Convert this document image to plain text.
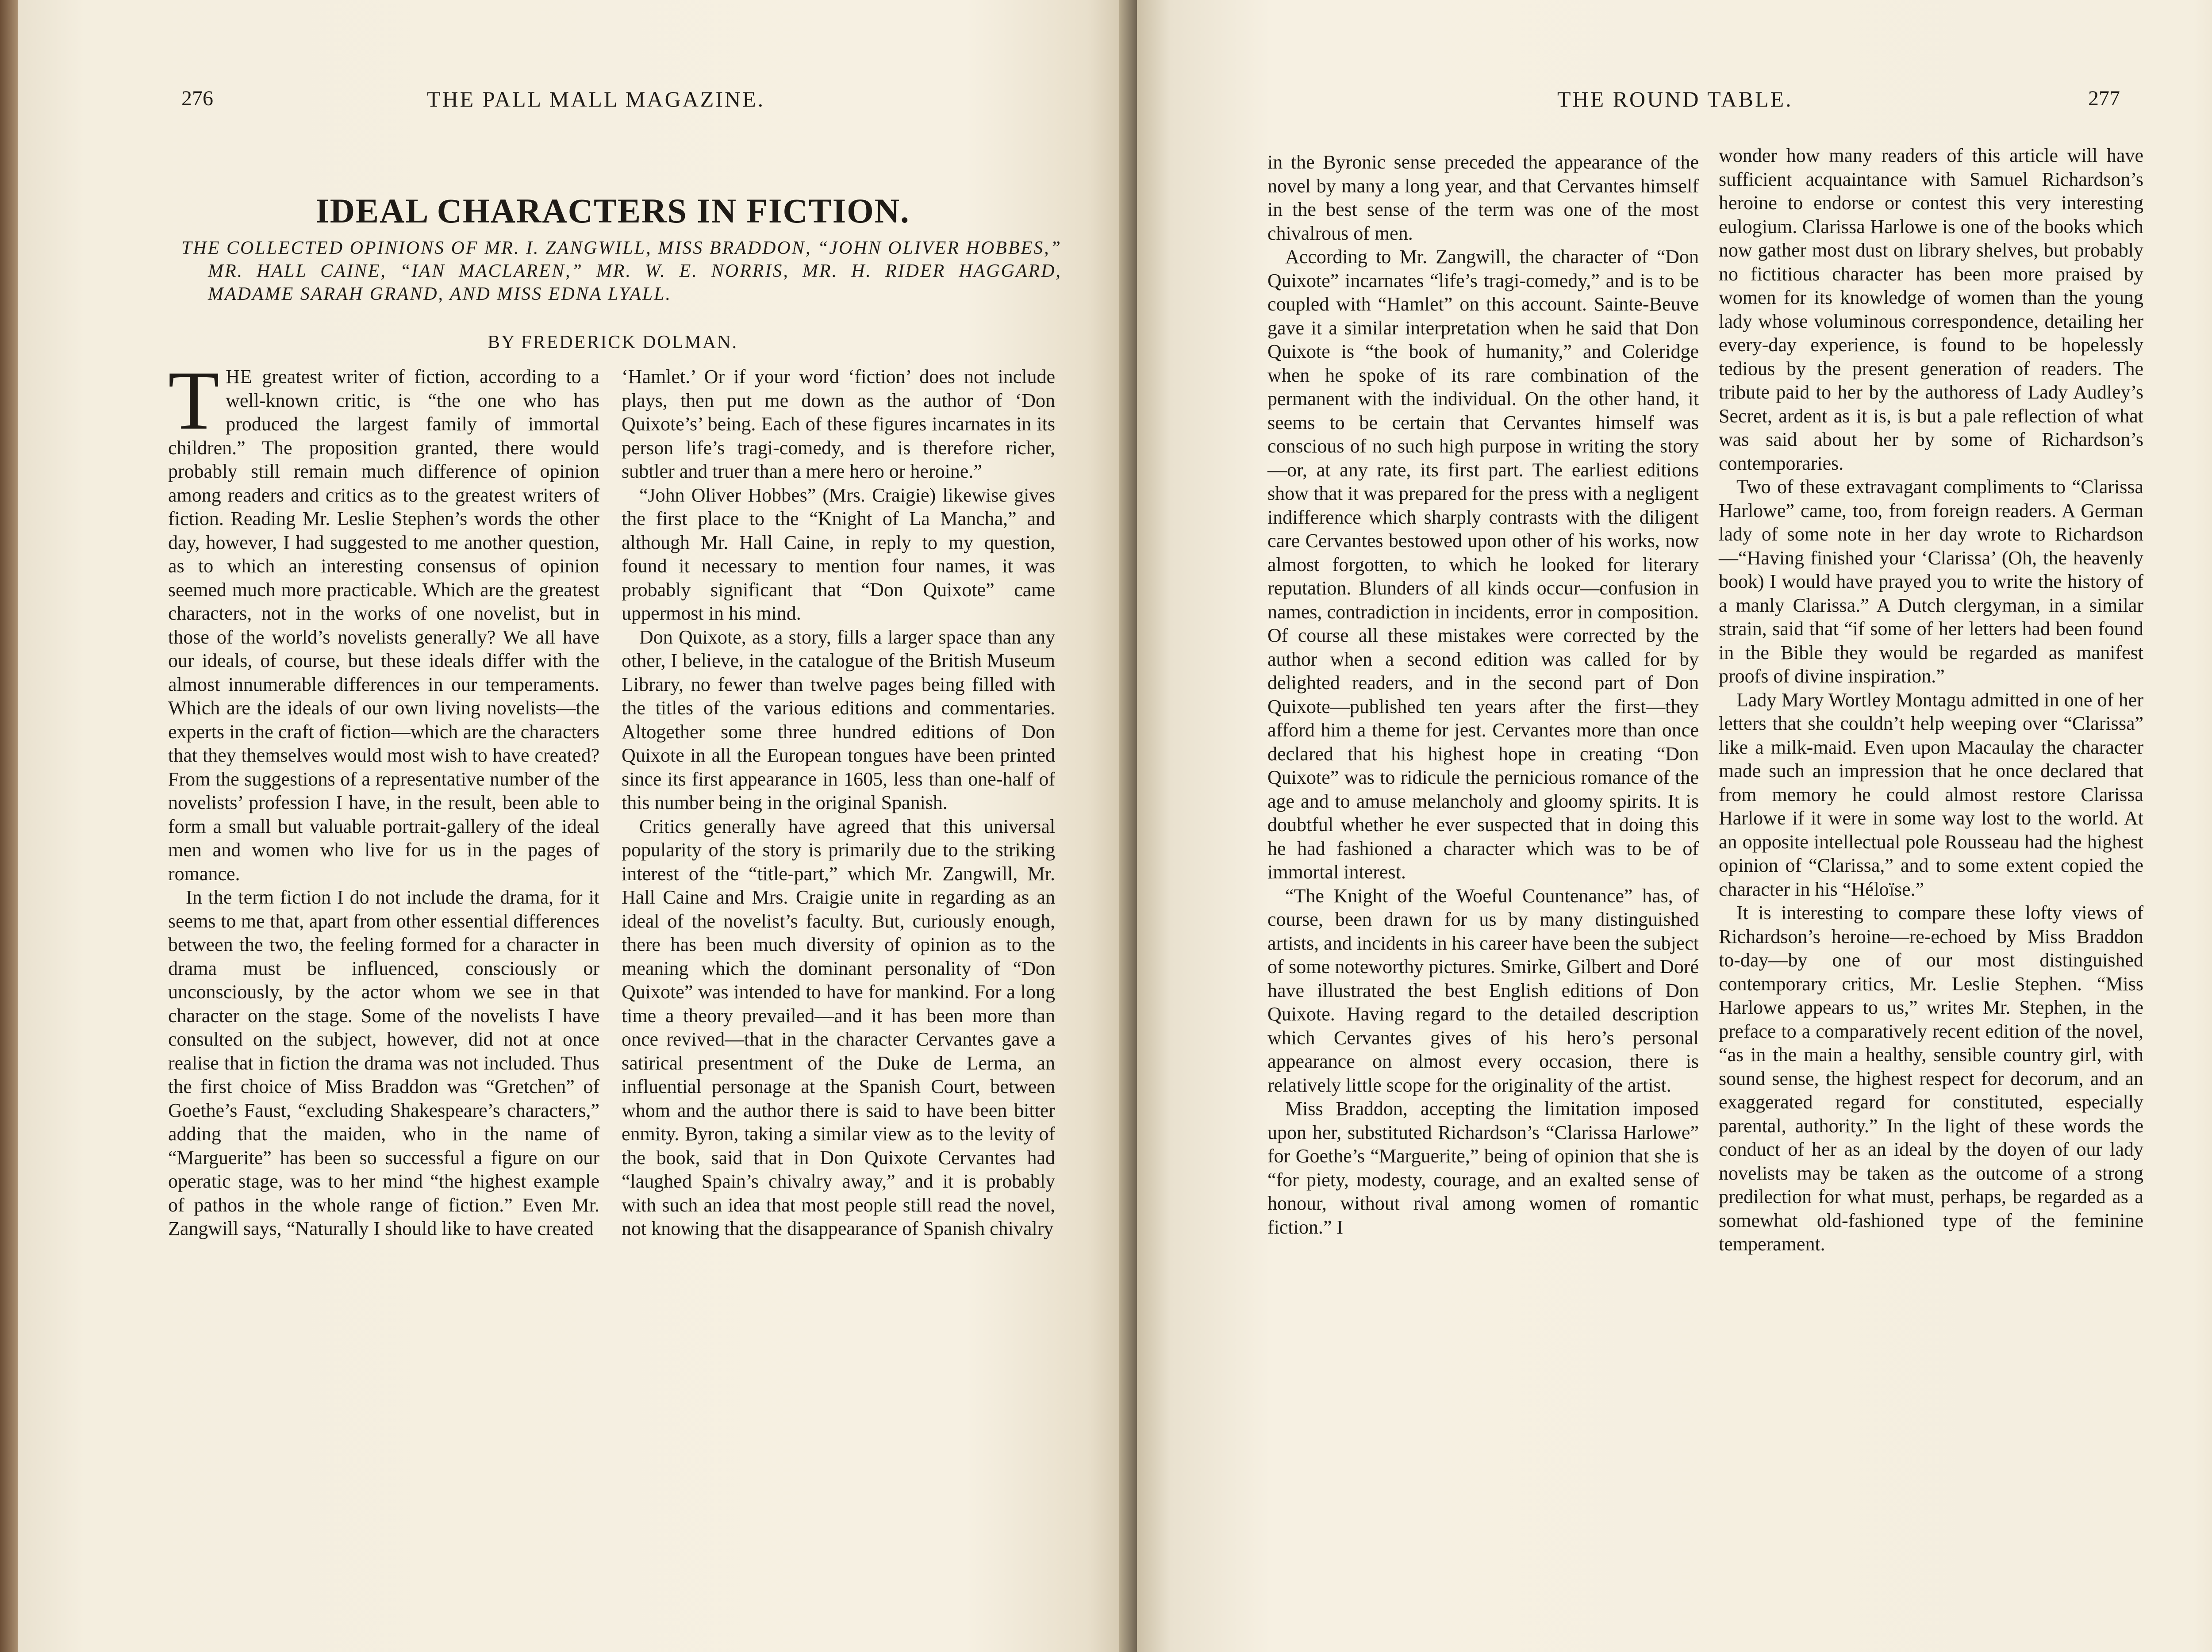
276	THE PALL MALL MAGAZINE.
IDEAL CHARACTERS IN FICTION.
THE COLLECTED OPINIONS OF MR. I. ZANGWILL, MISS BRADDON, “JOHN OLIVER HOBBES,” MR. HALL CAINE, “IAN MACLAREN,” MR. W. E. NORRIS, MR. H. RIDER HAGGARD, MADAME SARAH GRAND, AND MISS EDNA LYALL.
BY FREDERICK DOLMAN.

THE greatest writer of fiction, according to a well-known critic, is “the one who has produced the largest family of immortal children.” The proposition granted, there would probably still remain much difference of opinion among readers and critics as to the greatest writers of fiction. Reading Mr. Leslie Stephen’s words the other day, however, I had suggested to me another question, as to which an interesting consensus of opinion seemed much more practicable. Which are the greatest characters, not in the works of one novelist, but in those of the world’s novelists generally? We all have our ideals, of course, but these ideals differ with the almost innumerable differences in our temperaments. Which are the ideals of our own living novelists—the experts in the craft of fiction—which are the characters that they themselves would most wish to have created? From the suggestions of a representative number of the novelists’ profession I have, in the result, been able to form a small but valuable portrait-gallery of the ideal men and women who live for us in the pages of romance.

In the term fiction I do not include the drama, for it seems to me that, apart from other essential differences between the two, the feeling formed for a character in drama must be influenced, consciously or unconsciously, by the actor whom we see in that character on the stage. Some of the novelists I have consulted on the subject, however, did not at once realise that in fiction the drama was not included. Thus the first choice of Miss Braddon was “Gretchen” of Goethe’s Faust, “excluding Shakespeare’s characters,” adding that the maiden, who in the name of “Marguerite” has been so successful a figure on our operatic stage, was to her mind “the highest example of pathos in the whole range of fiction.” Even Mr. Zangwill says, “Naturally I should like to have created

‘Hamlet.’ Or if your word ‘fiction’ does not include plays, then put me down as the author of ‘Don Quixote’s’ being. Each of these figures incarnates in its person life’s tragi-comedy, and is therefore richer, subtler and truer than a mere hero or heroine.”

“John Oliver Hobbes” (Mrs. Craigie) likewise gives the first place to the “Knight of La Mancha,” and although Mr. Hall Caine, in reply to my question, found it necessary to mention four names, it was probably significant that “Don Quixote” came uppermost in his mind.

Don Quixote, as a story, fills a larger space than any other, I believe, in the catalogue of the British Museum Library, no fewer than twelve pages being filled with the titles of the various editions and commentaries. Altogether some three hundred editions of Don Quixote in all the European tongues have been printed since its first appearance in 1605, less than one-half of this number being in the original Spanish.

Critics generally have agreed that this universal popularity of the story is primarily due to the striking interest of the “title-part,” which Mr. Zangwill, Mr. Hall Caine and Mrs. Craigie unite in regarding as an ideal of the novelist’s faculty. But, curiously enough, there has been much diversity of opinion as to the meaning which the dominant personality of “Don Quixote” was intended to have for mankind. For a long time a theory prevailed—and it has been more than once revived—that in the character Cervantes gave a satirical presentment of the Duke de Lerma, an influential personage at the Spanish Court, between whom and the author there is said to have been bitter enmity. Byron, taking a similar view as to the levity of the book, said that in Don Quixote Cervantes had “laughed Spain’s chivalry away,” and it is probably with such an idea that most people still read the novel, not knowing that the disappearance of Spanish chivalry

THE ROUND TABLE.	277

in the Byronic sense preceded the appearance of the novel by many a long year, and that Cervantes himself in the best sense of the term was one of the most chivalrous of men.

According to Mr. Zangwill, the character of “Don Quixote” incarnates “life’s tragi-comedy,” and is to be coupled with “Hamlet” on this account. Sainte-Beuve gave it a similar interpretation when he said that Don Quixote is “the book of humanity,” and Coleridge when he spoke of its rare combination of the permanent with the individual. On the other hand, it seems to be certain that Cervantes himself was conscious of no such high purpose in writing the story—or, at any rate, its first part. The earliest editions show that it was prepared for the press with a negligent indifference which sharply contrasts with the diligent care Cervantes bestowed upon other of his works, now almost forgotten, to which he looked for literary reputation. Blunders of all kinds occur—confusion in names, contradiction in incidents, error in composition. Of course all these mistakes were corrected by the author when a second edition was called for by delighted readers, and in the second part of Don Quixote—published ten years after the first—they afford him a theme for jest. Cervantes more than once declared that his highest hope in creating “Don Quixote” was to ridicule the pernicious romance of the age and to amuse melancholy and gloomy spirits. It is doubtful whether he ever suspected that in doing this he had fashioned a character which was to be of immortal interest.

“The Knight of the Woeful Countenance” has, of course, been drawn for us by many distinguished artists, and incidents in his career have been the subject of some noteworthy pictures. Smirke, Gilbert and Doré have illustrated the best English editions of Don Quixote. Having regard to the detailed description which Cervantes gives of his hero’s personal appearance on almost every occasion, there is relatively little scope for the originality of the artist.

Miss Braddon, accepting the limitation imposed upon her, substituted Richardson’s “Clarissa Harlowe” for Goethe’s “Marguerite,” being of opinion that she is “for piety, modesty, courage, and an exalted sense of honour, without rival among women of romantic fiction.” I

wonder how many readers of this article will have sufficient acquaintance with Samuel Richardson’s heroine to endorse or contest this very interesting eulogium. Clarissa Harlowe is one of the books which now gather most dust on library shelves, but probably no fictitious character has been more praised by women for its knowledge of women than the young lady whose voluminous correspondence, detailing her every-day experience, is found to be hopelessly tedious by the present generation of readers. The tribute paid to her by the authoress of Lady Audley’s Secret, ardent as it is, is but a pale reflection of what was said about her by some of Richardson’s contemporaries.

Two of these extravagant compliments to “Clarissa Harlowe” came, too, from foreign readers. A German lady of some note in her day wrote to Richardson—“Having finished your ‘Clarissa’ (Oh, the heavenly book) I would have prayed you to write the history of a manly Clarissa.” A Dutch clergyman, in a similar strain, said that “if some of her letters had been found in the Bible they would be regarded as manifest proofs of divine inspiration.”

Lady Mary Wortley Montagu admitted in one of her letters that she couldn’t help weeping over “Clarissa” like a milk-maid. Even upon Macaulay the character made such an impression that he once declared that from memory he could almost restore Clarissa Harlowe if it were in some way lost to the world. At an opposite intellectual pole Rousseau had the highest opinion of “Clarissa,” and to some extent copied the character in his “Héloïse.”

It is interesting to compare these lofty views of Richardson’s heroine—re-echoed by Miss Braddon to-day—by one of our most distinguished contemporary critics, Mr. Leslie Stephen. “Miss Harlowe appears to us,” writes Mr. Stephen, in the preface to a comparatively recent edition of the novel, “as in the main a healthy, sensible country girl, with sound sense, the highest respect for decorum, and an exaggerated regard for constituted, especially parental, authority.” In the light of these words the conduct of her as an ideal by the doyen of our lady novelists may be taken as the outcome of a strong predilection for what must, perhaps, be regarded as a somewhat old-fashioned type of the feminine temperament.
